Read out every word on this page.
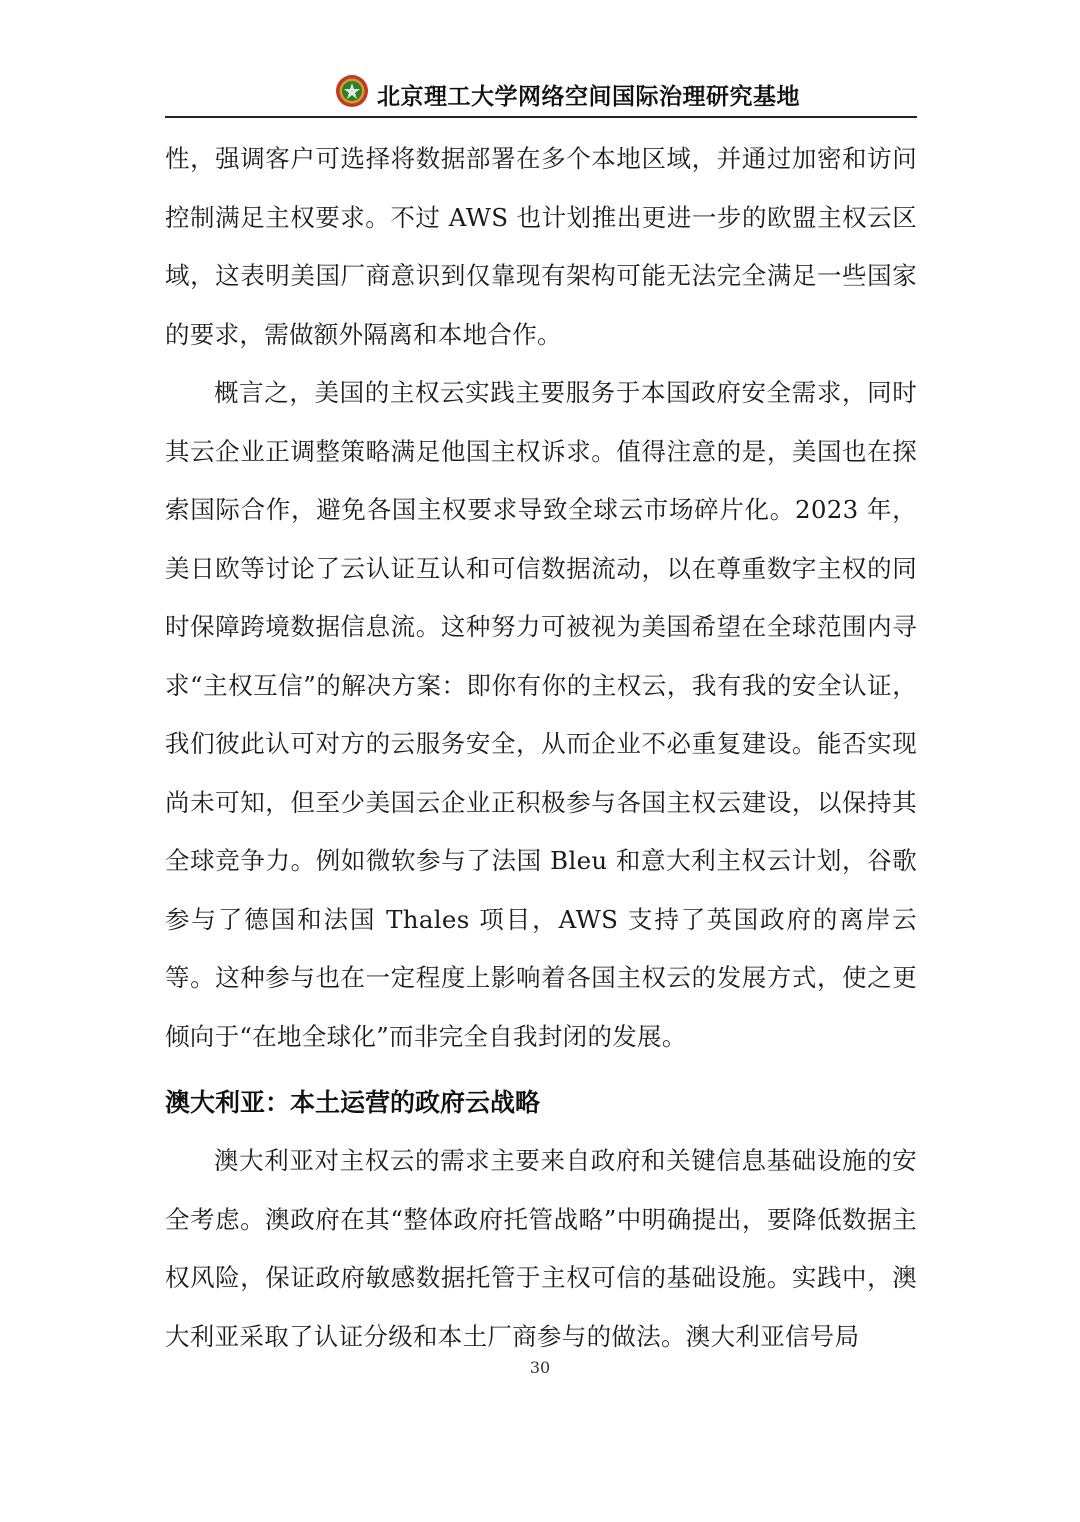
北京理工大学网络空间国际治理研究基地

性，强调客户可选择将数据部署在多个本地区域，并通过加密和访问控制满足主权要求。不过 AWS 也计划推出更进一步的欧盟主权云区域，这表明美国厂商意识到仅靠现有架构可能无法完全满足一些国家的要求，需做额外隔离和本地合作。

概言之，美国的主权云实践主要服务于本国政府安全需求，同时其云企业正调整策略满足他国主权诉求。值得注意的是，美国也在探索国际合作，避免各国主权要求导致全球云市场碎片化。2023 年，美日欧等讨论了云认证互认和可信数据流动，以在尊重数字主权的同时保障跨境数据信息流。这种努力可被视为美国希望在全球范围内寻求“主权互信”的解决方案：即你有你的主权云，我有我的安全认证，我们彼此认可对方的云服务安全，从而企业不必重复建设。能否实现尚未可知，但至少美国云企业正积极参与各国主权云建设，以保持其全球竞争力。例如微软参与了法国 Bleu 和意大利主权云计划，谷歌参与了德国和法国 Thales 项目，AWS 支持了英国政府的离岸云等。这种参与也在一定程度上影响着各国主权云的发展方式，使之更倾向于“在地全球化”而非完全自我封闭的发展。

澳大利亚：本土运营的政府云战略

澳大利亚对主权云的需求主要来自政府和关键信息基础设施的安全考虑。澳政府在其“整体政府托管战略”中明确提出，要降低数据主权风险，保证政府敏感数据托管于主权可信的基础设施。实践中，澳大利亚采取了认证分级和本土厂商参与的做法。澳大利亚信号局

30
